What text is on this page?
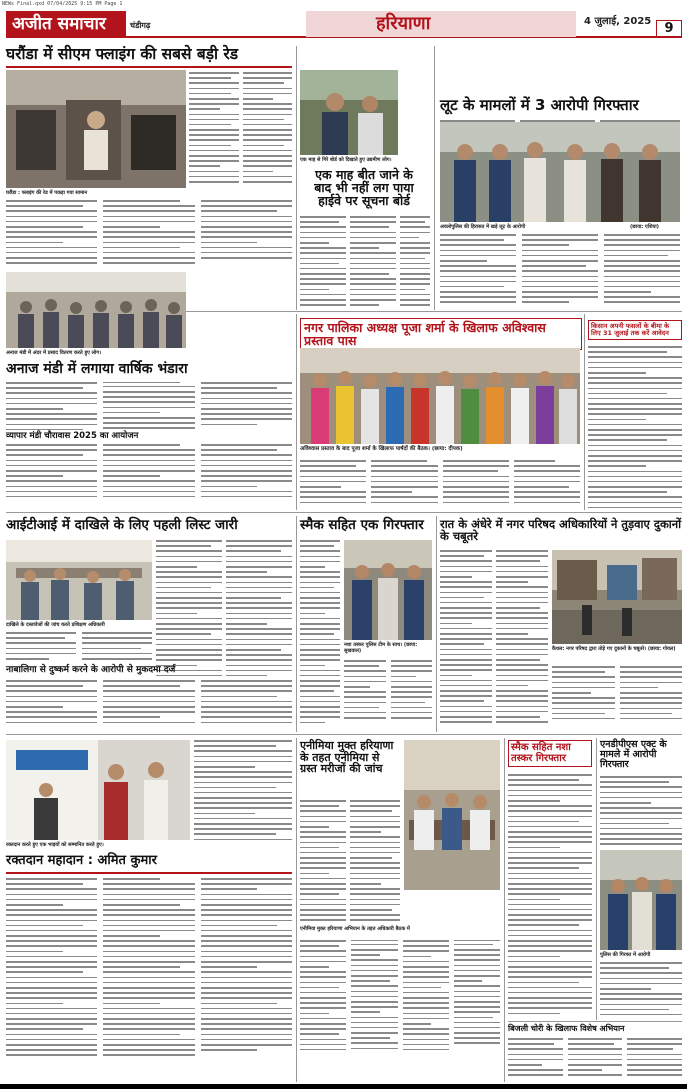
NEWs Final.qxd 07/04/2025 9:15 PM Page 1
अजीत समाचार	चंडीगढ़	हरियाणा	4 जुलाई, 2025	9
घरौंडा में सीएम फ्लाइंग की सबसे बड़ी रेड
घरौंडा : फ्लाइंग की रेड में पकड़ा गया सामान
एक माह से गिरे बोर्ड को दिखाते हुए उद्यमीण लोग।
एक माह बीत जाने के बाद भी नहीं लग पाया हाईवे पर सूचना बोर्ड
लूट के मामलों में 3 आरोपी गिरफ्तार
अवलोपुलिस की हिरासत में खड़े लूट के आरोपी	(छाया: एशिया)
अनाज मंडी में अंदर में प्रसाद वितरण करते हुए लोग।
अनाज मंडी में लगाया वार्षिक भंडारा
व्यापार मंडी चौरावास 2025 का आयोजन
नगर पालिका अध्यक्ष पूजा शर्मा के खिलाफ अविश्वास प्रस्ताव पास
अविश्वास प्रस्ताव के बाद पूजा शर्मा के खिलाफ पार्षदों की बैठक। (छाया: दीपक)
किसान अपनी फसलों के बीमा के लिए 31 जुलाई तक करें आवेदन
आईटीआई में दाखिले के लिए पहली लिस्ट जारी
दाखिले के दस्तावेजों की जांच करते प्रशिक्षण अधिकारी
नाबालिगा से दुष्कर्म करने के आरोपी से मुकदमा दर्ज
स्मैक सहित एक गिरफ्तार
नशा तस्कर पुलिस टीम के साथ। (छाया: सुखवाल)
रात के अंधेरे में नगर परिषद अधिकारियों ने तुड़वाए दुकानों के चबूतरे
कैथल: नगर परिषद द्वारा तोड़े गए दुकानों के चबूतरे। (छाया: गोयल)
रक्तदान करते हुए एक भाइयों को सम्मानित करते हुए।
रक्तदान महादान : अमित कुमार
एनीमिया मुक्त हरियाणा के तहत एनीमिया से ग्रस्त मरीजों की जांच
एनीमिया मुक्त हरियाणा अभियान के तहत अधिकारी बैठक में
स्मैक सहित नशा तस्कर गिरफ्तार
एनडीपीएस एक्ट के मामले में आरोपी गिरफ्तार
पुलिस की गिरफ्त में आरोपी
बिजली चोरी के खिलाफ विशेष अभियान
